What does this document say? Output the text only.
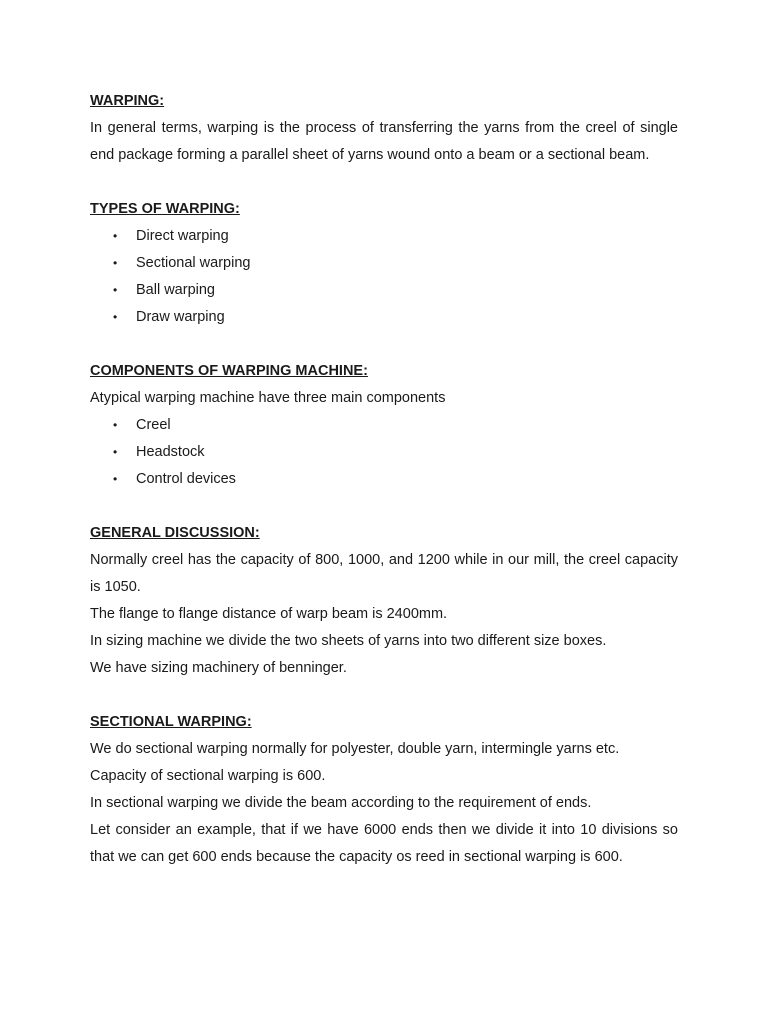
WARPING:

In general terms, warping is the process of transferring the yarns from the creel of single end package forming a parallel sheet of yarns wound onto a beam or a sectional beam.

TYPES OF WARPING:

• Direct warping
• Sectional warping
• Ball warping
• Draw warping

COMPONENTS OF WARPING MACHINE:

Atypical warping machine have three main components

• Creel
• Headstock
• Control devices

GENERAL DISCUSSION:

Normally creel has the capacity of 800, 1000, and 1200 while in our mill, the creel capacity is 1050.

The flange to flange distance of warp beam is 2400mm.

In sizing machine we divide the two sheets of yarns into two different size boxes.

We have sizing machinery of benninger.

SECTIONAL WARPING:

We do sectional warping normally for polyester, double yarn, intermingle yarns etc.

Capacity of sectional warping is 600.

In sectional warping we divide the beam according to the requirement of ends.

Let consider an example, that if we have 6000 ends then we divide it into 10 divisions so that we can get 600 ends because the capacity os reed in sectional warping is 600.
